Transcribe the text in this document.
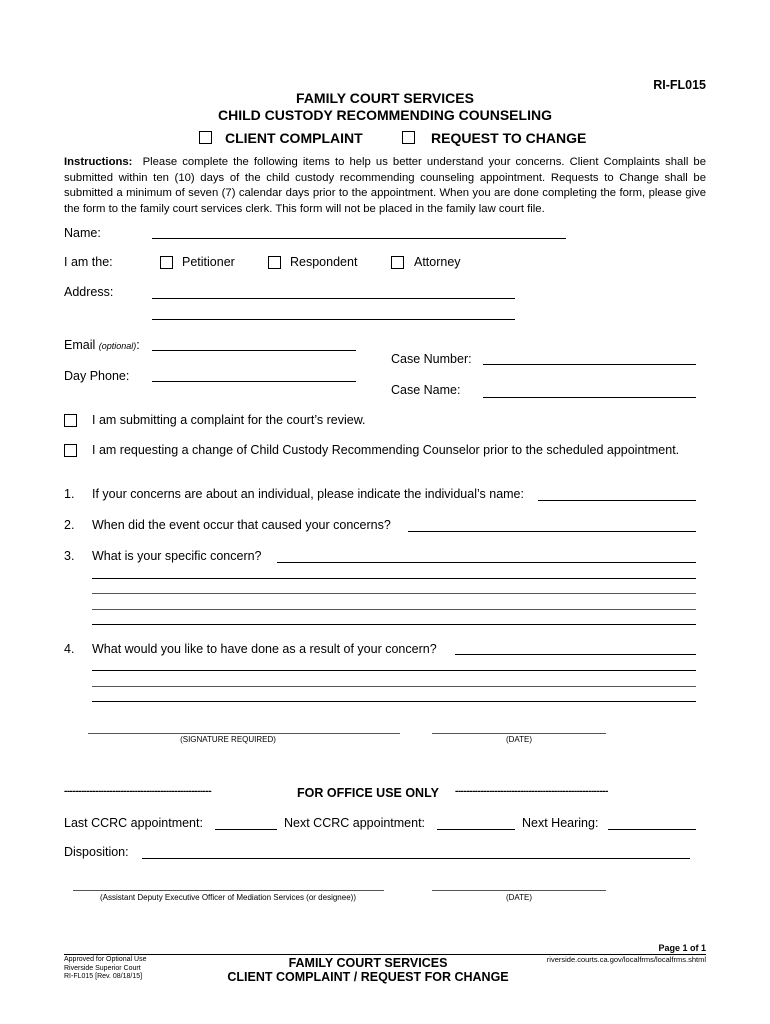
RI-FL015
FAMILY COURT SERVICES
CHILD CUSTODY RECOMMENDING COUNSELING
CLIENT COMPLAINT	REQUEST TO CHANGE
Instructions: Please complete the following items to help us better understand your concerns. Client Complaints shall be submitted within ten (10) days of the child custody recommending counseling appointment. Requests to Change shall be submitted a minimum of seven (7) calendar days prior to the appointment. When you are done completing the form, please give the form to the family court services clerk. This form will not be placed in the family law court file.
Name:
I am the:	Petitioner	Respondent	Attorney
Address:
Email (optional):
Case Number:
Day Phone:
Case Name:
I am submitting a complaint for the court’s review.
I am requesting a change of Child Custody Recommending Counselor prior to the scheduled appointment.
1. If your concerns are about an individual, please indicate the individual’s name:
2. When did the event occur that caused your concerns?
3. What is your specific concern?
4. What would you like to have done as a result of your concern?
(SIGNATURE REQUIRED)	(DATE)
----------------------------------------------------	FOR OFFICE USE ONLY ------------------------------------------------------
Last CCRC appointment:	Next CCRC appointment:	Next Hearing:
Disposition:
(Assistant Deputy Executive Officer of Mediation Services (or designee))	(DATE)
Page 1 of 1
Approved for Optional Use
Riverside Superior Court
RI-FL015 [Rev. 08/18/15]
FAMILY COURT SERVICES
CLIENT COMPLAINT / REQUEST FOR CHANGE
riverside.courts.ca.gov/localfrms/localfrms.shtml
